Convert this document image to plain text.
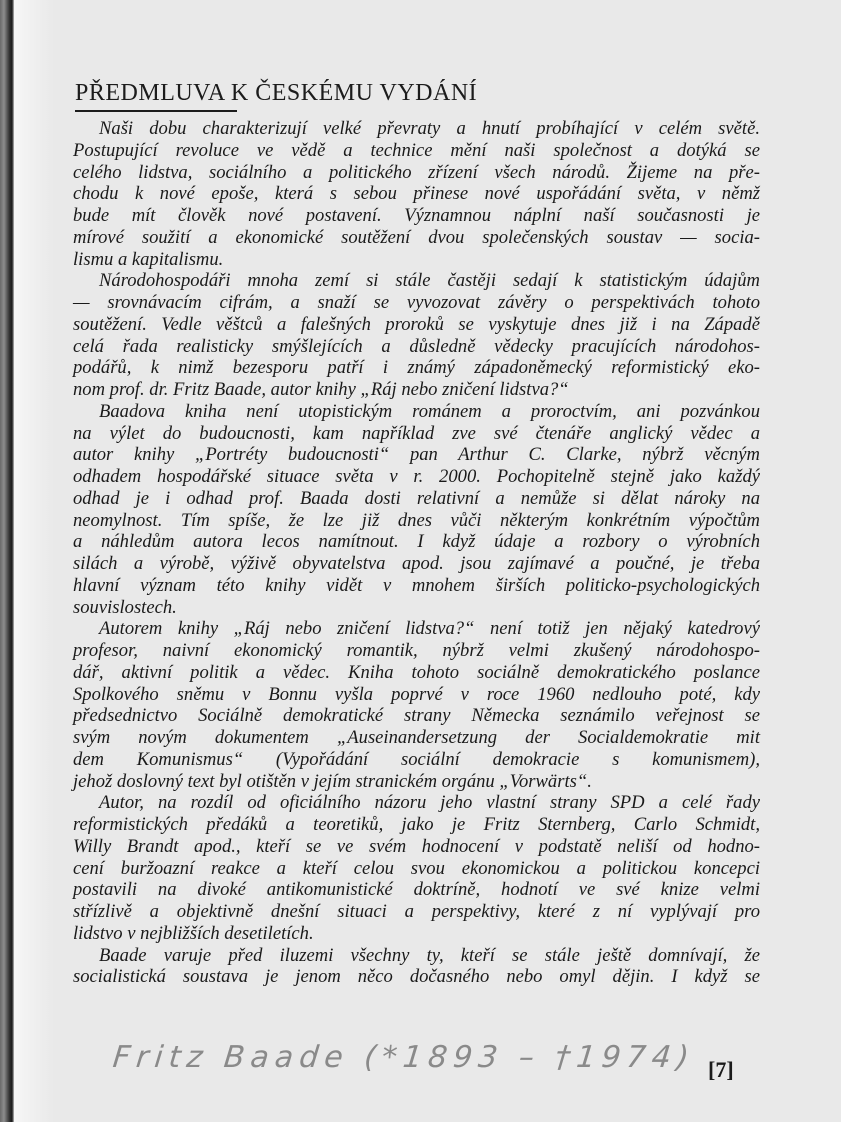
PŘEDMLUVA K ČESKÉMU VYDÁNÍ
Naši dobu charakterizují velké převraty a hnutí probíhající v celém světě.
Postupující revoluce ve vědě a technice mění naši společnost a dotýká se
celého lidstva, sociálního a politického zřízení všech národů. Žijeme na pře-
chodu k nové epoše, která s sebou přinese nové uspořádání světa, v němž
bude mít člověk nové postavení. Významnou náplní naší současnosti je
mírové soužití a ekonomické soutěžení dvou společenských soustav — socia-
lismu a kapitalismu.
Národohospodáři mnoha zemí si stále častěji sedají k statistickým údajům
— srovnávacím cifrám, a snaží se vyvozovat závěry o perspektivách tohoto
soutěžení. Vedle věštců a falešných proroků se vyskytuje dnes již i na Západě
celá řada realisticky smýšlejících a důsledně vědecky pracujících národohos-
podářů, k nimž bezesporu patří i známý západoněmecký reformistický eko-
nom prof. dr. Fritz Baade, autor knihy „Ráj nebo zničení lidstva?“
Baadova kniha není utopistickým románem a proroctvím, ani pozvánkou
na výlet do budoucnosti, kam například zve své čtenáře anglický vědec a
autor knihy „Portréty budoucnosti“ pan Arthur C. Clarke, nýbrž věcným
odhadem hospodářské situace světa v r. 2000. Pochopitelně stejně jako každý
odhad je i odhad prof. Baada dosti relativní a nemůže si dělat nároky na
neomylnost. Tím spíše, že lze již dnes vůči některým konkrétním výpočtům
a náhledům autora lecos namítnout. I když údaje a rozbory o výrobních
silách a výrobě, výživě obyvatelstva apod. jsou zajímavé a poučné, je třeba
hlavní význam této knihy vidět v mnohem širších politicko-psychologických
souvislostech.
Autorem knihy „Ráj nebo zničení lidstva?“ není totiž jen nějaký katedrový
profesor, naivní ekonomický romantik, nýbrž velmi zkušený národohospo-
dář, aktivní politik a vědec. Kniha tohoto sociálně demokratického poslance
Spolkového sněmu v Bonnu vyšla poprvé v roce 1960 nedlouho poté, kdy
předsednictvo Sociálně demokratické strany Německa seznámilo veřejnost se
svým novým dokumentem „Auseinandersetzung der Socialdemokratie mit
dem Komunismus“ (Vypořádání sociální demokracie s komunismem),
jehož doslovný text byl otištěn v jejím stranickém orgánu „Vorwärts“.
Autor, na rozdíl od oficiálního názoru jeho vlastní strany SPD a celé řady
reformistických předáků a teoretiků, jako je Fritz Sternberg, Carlo Schmidt,
Willy Brandt apod., kteří se ve svém hodnocení v podstatě neliší od hodno-
cení buržoazní reakce a kteří celou svou ekonomickou a politickou koncepci
postavili na divoké antikomunistické doktríně, hodnotí ve své knize velmi
střízlivě a objektivně dnešní situaci a perspektivy, které z ní vyplývají pro
lidstvo v nejbližších desetiletích.
Baade varuje před iluzemi všechny ty, kteří se stále ještě domnívají, že
socialistická soustava je jenom něco dočasného nebo omyl dějin. I když se
Fritz Baade (*1893 – †1974) [7]
